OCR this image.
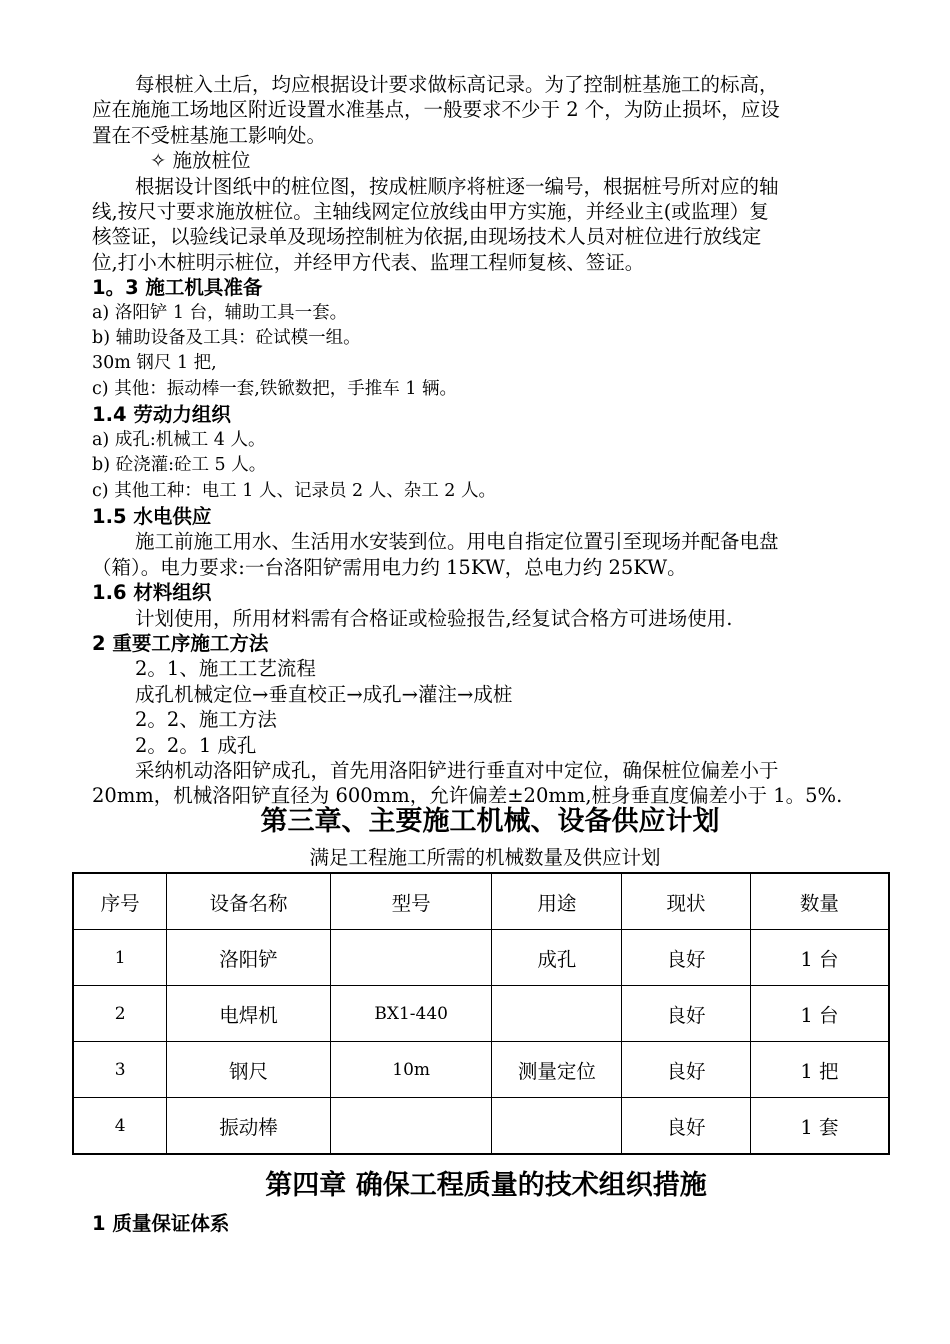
每根桩入土后，均应根据设计要求做标高记录。为了控制桩基施工的标高，
应在施施工场地区附近设置水准基点，一般要求不少于 2 个，为防止损坏，应设
置在不受桩基施工影响处。
✧ 施放桩位
根据设计图纸中的桩位图，按成桩顺序将桩逐一编号，根据桩号所对应的轴
线,按尺寸要求施放桩位。主轴线网定位放线由甲方实施，并经业主(或监理）复
核签证，以验线记录单及现场控制桩为依据,由现场技术人员对桩位进行放线定
位,打小木桩明示桩位，并经甲方代表、监理工程师复核、签证。
1。3 施工机具准备
a) 洛阳铲 1 台，辅助工具一套。
b) 辅助设备及工具：砼试模一组。
30m 钢尺 1 把,
c) 其他：振动棒一套,铁锨数把，手推车 1 辆。
1.4 劳动力组织
a) 成孔:机械工 4 人。
b) 砼浇灌:砼工 5 人。
c) 其他工种：电工 1 人、记录员 2 人、杂工 2 人。
1.5 水电供应
施工前施工用水、生活用水安装到位。用电自指定位置引至现场并配备电盘
（箱）。电力要求:一台洛阳铲需用电力约 15KW，总电力约 25KW。
1.6 材料组织
计划使用，所用材料需有合格证或检验报告,经复试合格方可进场使用.
2 重要工序施工方法
2。1、施工工艺流程
成孔机械定位→垂直校正→成孔→灌注→成桩
2。2、施工方法
2。2。1 成孔
采纳机动洛阳铲成孔，首先用洛阳铲进行垂直对中定位，确保桩位偏差小于
20mm，机械洛阳铲直径为 600mm，允许偏差±20mm,桩身垂直度偏差小于 1。5%.
第三章、主要施工机械、设备供应计划
满足工程施工所需的机械数量及供应计划
序号	设备名称	型号	用途	现状	数量
1	洛阳铲		成孔	良好	1 台
2	电焊机	BX1-440		良好	1 台
3	钢尺	10m	测量定位	良好	1 把
4	振动棒			良好	1 套
第四章 确保工程质量的技术组织措施
1 质量保证体系
